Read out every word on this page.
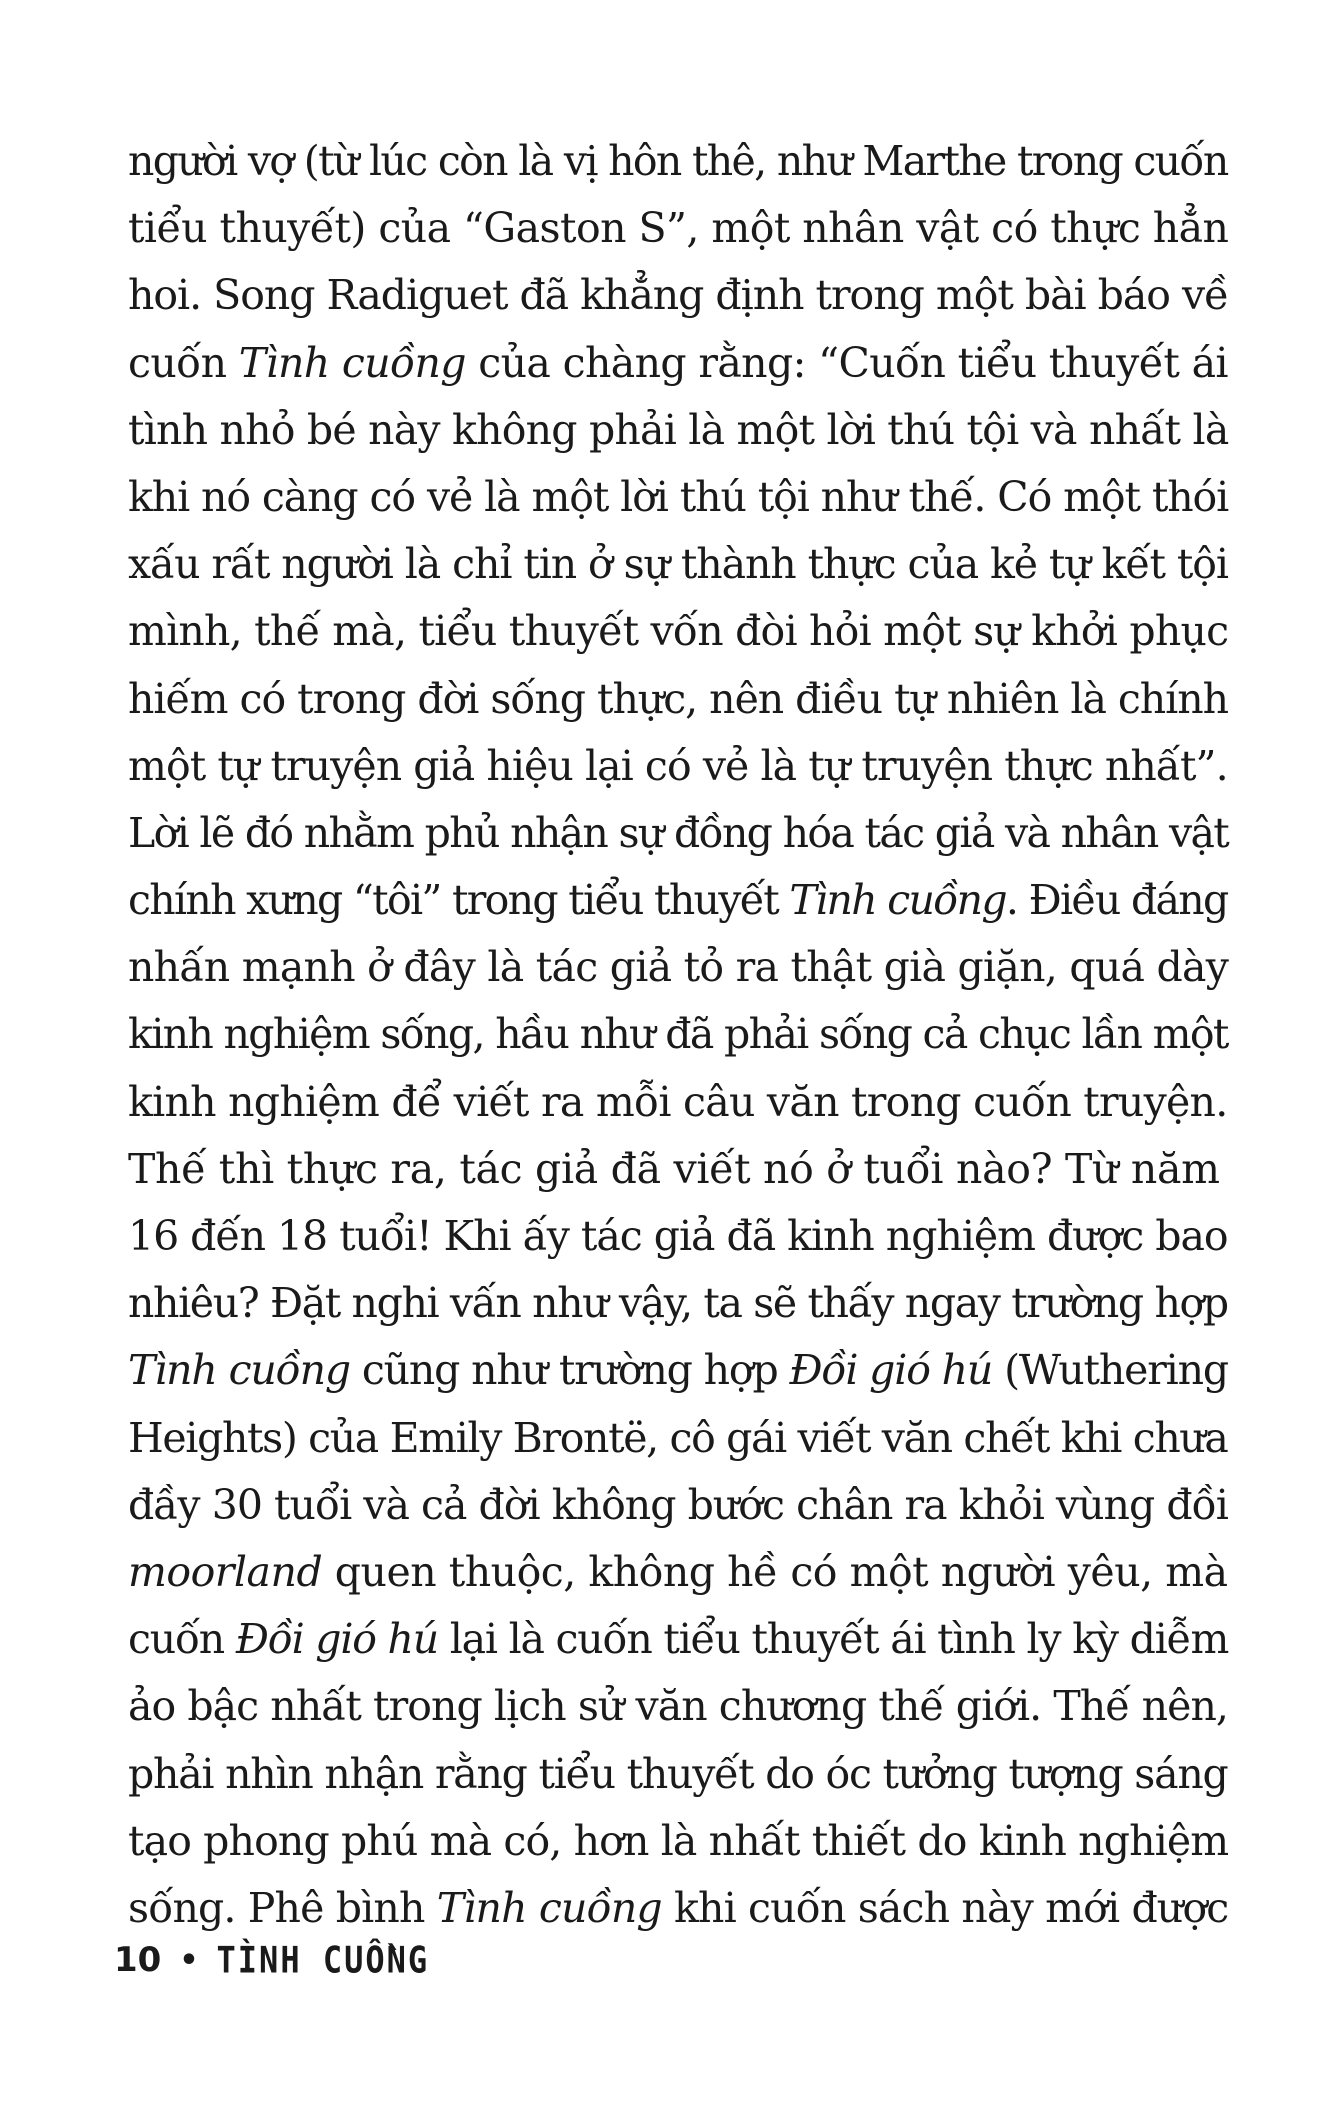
người vợ (từ lúc còn là vị hôn thê, như Marthe trong cuốn
tiểu thuyết) của “Gaston S”, một nhân vật có thực hẳn
hoi. Song Radiguet đã khẳng định trong một bài báo về
cuốn Tình cuồng của chàng rằng: “Cuốn tiểu thuyết ái
tình nhỏ bé này không phải là một lời thú tội và nhất là
khi nó càng có vẻ là một lời thú tội như thế. Có một thói
xấu rất người là chỉ tin ở sự thành thực của kẻ tự kết tội
mình, thế mà, tiểu thuyết vốn đòi hỏi một sự khởi phục
hiếm có trong đời sống thực, nên điều tự nhiên là chính
một tự truyện giả hiệu lại có vẻ là tự truyện thực nhất”.
Lời lẽ đó nhằm phủ nhận sự đồng hóa tác giả và nhân vật
chính xưng “tôi” trong tiểu thuyết Tình cuồng. Điều đáng
nhấn mạnh ở đây là tác giả tỏ ra thật già giặn, quá dày
kinh nghiệm sống, hầu như đã phải sống cả chục lần một
kinh nghiệm để viết ra mỗi câu văn trong cuốn truyện.
Thế thì thực ra, tác giả đã viết nó ở tuổi nào? Từ năm
16 đến 18 tuổi! Khi ấy tác giả đã kinh nghiệm được bao
nhiêu? Đặt nghi vấn như vậy, ta sẽ thấy ngay trường hợp
Tình cuồng cũng như trường hợp Đồi gió hú (Wuthering
Heights) của Emily Brontë, cô gái viết văn chết khi chưa
đầy 30 tuổi và cả đời không bước chân ra khỏi vùng đồi
moorland quen thuộc, không hề có một người yêu, mà
cuốn Đồi gió hú lại là cuốn tiểu thuyết ái tình ly kỳ diễm
ảo bậc nhất trong lịch sử văn chương thế giới. Thế nên,
phải nhìn nhận rằng tiểu thuyết do óc tưởng tượng sáng
tạo phong phú mà có, hơn là nhất thiết do kinh nghiệm
sống. Phê bình Tình cuồng khi cuốn sách này mới được
10 • TÌNH CUỒNG
